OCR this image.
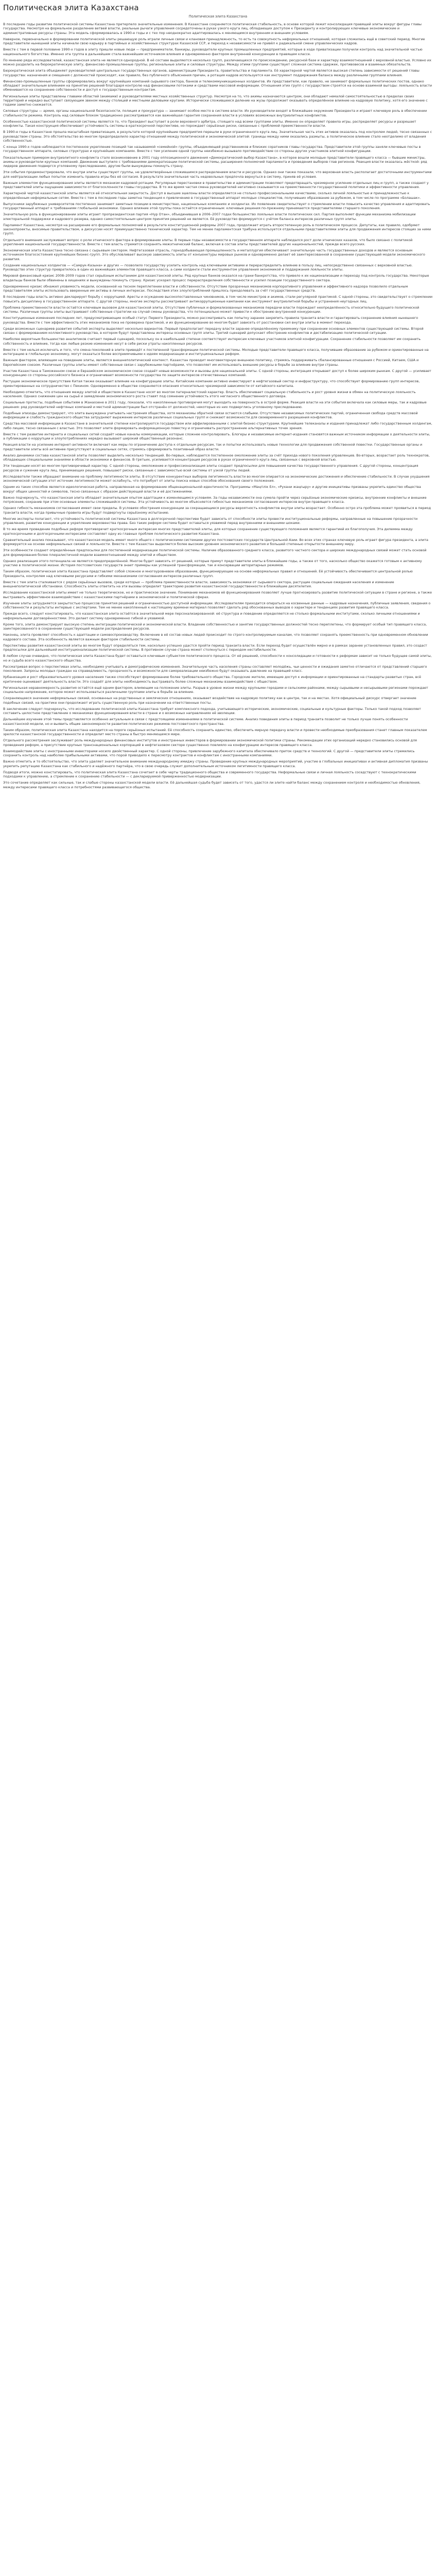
Политическая элита Казахстана
Политическая элита Казахстана

В последние годы развитие политической системы Казахстана претерпело значительные изменения. В Казахстане сохраняется политическая стабильность, в основе которой лежит консолидация правящей элиты вокруг фигуры главы государства. Несмотря на формальное разделение ветвей власти, реальные рычаги управления сосредоточены в руках узкого круга лиц, обладающих доступом к Президенту и контролирующих ключевые экономические и административные ресурсы страны. Эта модель сформировалась в 1990-е годы и с тех пор неоднократно адаптировалась к меняющимся внутренним и внешним условиям.

Наверное, первоначально в формировании политической элиты решающую роль играли личные связи и клановая принадлежность, то есть та совокупность неформальных отношений, которая сложилась ещё в советский период. Многие представители нынешней элиты начинали свою карьеру в партийных и хозяйственных структурах Казахской ССР, и переход к независимости не привёл к радикальной смене управленческих кадров.

Вместе с тем в первой половине 1990-х годов в элиту пришли новые люди — предприниматели, банкиры, руководители крупных промышленных предприятий, которые в ходе приватизации получили контроль над значительной частью национального богатства. Именно эта группа в дальнейшем стала важнейшим источником влияния и одновременно фактором внутренней конкуренции в правящем классе.

По мнению ряда исследователей, казахстанская элита не является однородной. В её составе выделяются несколько групп, различающихся по происхождению, ресурсной базе и характеру взаимоотношений с верховной властью. Условно их можно разделить на бюрократическую элиту, финансово-промышленные группы, региональные элиты и силовые структуры. Между этими группами существует сложная система сдержек, противовесов и взаимных обязательств.

Бюрократическая элита объединяет руководителей центральных государственных органов, администрации Президента, правительства и парламента. Её характерной чертой является высокая степень зависимости от решений главы государства: назначения и смещения с должностей происходят, как правило, без публичного объяснения причин, а ротация кадров используется как инструмент поддержания баланса между различными группами влияния.

Финансово-промышленные группы сформировались вокруг крупнейших компаний сырьевого сектора, банков и телекоммуникационных холдингов. Их представители, как правило, не занимают формальных политических постов, однако обладают значительным влиянием на принятие решений благодаря контролю над финансовыми потоками и средствами массовой информации. Отношения этих групп с государством строятся на основе взаимной выгоды: лояльность власти обменивается на сохранение собственности и доступ к государственным контрактам.

Региональные элиты представлены главами областей (акимами) и руководителями местных хозяйственных структур. Несмотря на то, что акимы назначаются центром, они обладают немалой самостоятельностью в пределах своих территорий и нередко выступают связующим звеном между столицей и местными деловыми кругами. Исторически сложившееся деление на жузы продолжает оказывать определённое влияние на кадровую политику, хотя его значение с годами заметно снижается.

Силовые структуры — армия, органы национальной безопасности, полиция и прокуратура — занимают особое место в системе власти. Их руководители входят в ближайшее окружение Президента и играют ключевую роль в обеспечении стабильности режима. Контроль над силовым блоком традиционно рассматривается как важнейшая гарантия сохранения власти в условиях возможных внутриэлитных конфликтов.

Особенностью казахстанской политической системы является то, что Президент выступает в роли верховного арбитра, стоящего над всеми группами элиты. Именно он определяет правила игры, распределяет ресурсы и разрешает конфликты. Такая конструкция обеспечивает устойчивость системы в краткосрочной перспективе, но порождает серьёзные риски, связанные с проблемой преемственности власти.

В 1990-е годы в Казахстане прошла масштабная приватизация, в результате которой крупнейшие предприятия перешли в руки ограниченного круга лиц. Значительная часть этих активов оказалась под контролем людей, тесно связанных с руководством страны. Это обстоятельство во многом предопределило характер отношений между политической и экономической элитой: границы между ними оказались размыты, а политическое влияние стало неотделимо от владения собственностью.

С конца 1990-х годов наблюдается постепенное укрепление позиций так называемой «семейной» группы, объединяющей родственников и близких соратников главы государства. Представители этой группы заняли ключевые посты в государственном аппарате, силовых структурах и крупнейших компаниях. Вместе с тем усиление одной группы неизбежно вызывало противодействие со стороны других участников элитной конфигурации.

Показательным примером внутриэлитного конфликта стало возникновение в 2001 году оппозиционного движения «Демократический выбор Казахстана», в которое вошли молодые представители правящего класса — бывшие министры, акимы и руководители крупных компаний. Движение выступило с требованиями демократизации политической системы, расширения полномочий парламента и проведения выборов глав регионов. Реакция власти оказалась жёсткой: ряд лидеров движения подвергся уголовному преследованию, другие были вынуждены покинуть страну.

Эти события продемонстрировали, что внутри элиты существуют группы, не удовлетворённые сложившимся распределением власти и ресурсов. Однако они также показали, что верховная власть располагает достаточными инструментами для нейтрализации любых попыток изменить правила игры без её согласия. В результате значительная часть недовольных предпочла вернуться в систему, приняв её условия.

Важным элементом функционирования элиты является механизм кадровой ротации. Регулярные перестановки в правительстве и администрации позволяют предотвращать чрезмерное усиление отдельных лиц и групп, а также создают у представителей элиты ощущение зависимости от благосклонности главы государства. В то же время частая смена руководителей негативно сказывается на преемственности государственной политики и эффективности управления.

Характерной чертой казахстанской элиты является её относительная закрытость. Доступ в высшие эшелоны власти определяется не столько профессиональными качествами, сколько личной лояльностью и принадлежностью к определённым неформальным сетям. Вместе с тем в последние годы заметна тенденция к привлечению в государственный аппарат молодых специалистов, получивших образование за рубежом, в том числе по программе «Болашак».

Выпускники зарубежных университетов постепенно занимают заметные позиции в министерствах, национальных компаниях и холдингах. Их появление свидетельствует о стремлении власти повысить качество управления и адаптировать государственный аппарат к требованиям глобальной экономики. Однако влияние этой группы пока остаётся ограниченным: ключевые решения по-прежнему принимаются представителями старшего поколения.

Значительную роль в функционировании элиты играет пропрезидентская партия «Нур Отан», объединившая в 2006–2007 годах большинство лояльных власти политических сил. Партия выполняет функции механизма мобилизации электоральной поддержки и кадрового резерва, однако самостоятельным центром принятия решений не является. Её руководство формируется с учётом баланса интересов различных групп элиты.

Парламент Казахстана, несмотря на расширение его формальных полномочий в результате конституционной реформы 2007 года, продолжает играть второстепенную роль в политическом процессе. Депутаты, как правило, одобряют законопроекты, вносимые правительством, а дискуссии носят преимущественно технический характер. Тем не менее парламентская трибуна используется отдельными представителями элиты для продвижения интересов стоящих за ними групп.

Отдельного внимания заслуживает вопрос о роли этнического фактора в формировании элиты. В первые годы независимости в государственном аппарате наблюдался рост доли этнических казахов, что было связано с политикой укрепления национальной государственности. Вместе с тем власть стремится сохранять межэтнический баланс, включая в состав элиты представителей других национальностей, прежде всего русских.

Экономическая элита Казахстана тесно связана с сырьевым сектором. Нефтегазовая отрасль, горнодобывающая промышленность и металлургия обеспечивают значительную часть государственных доходов и являются основным источником благосостояния крупнейших бизнес-групп. Это обусловливает высокую зависимость элиты от конъюнктуры мировых рынков и одновременно делает её заинтересованной в сохранении существующей модели экономического развития.

Создание национальных холдингов — «Самрук-Казына» и других — позволило государству усилить контроль над ключевыми активами и перераспределить влияние в пользу лиц, непосредственно связанных с верховной властью. Руководство этих структур превратилось в один из важнейших элементов правящего класса, а сами холдинги стали инструментом управления экономикой и поддержания лояльности элиты.

Мировой финансовый кризис 2008–2009 годов стал серьёзным испытанием для казахстанской элиты. Ряд крупных банков оказался на грани банкротства, что привело к их национализации и переходу под контроль государства. Некоторые владельцы банков были обвинены в хищениях и вынуждены покинуть страну. Кризис ускорил процесс перераспределения собственности и усилил позиции государственного сектора.

Одновременно кризис обнажил уязвимость модели, основанной на тесном переплетении власти и собственности. Отсутствие прозрачных механизмов корпоративного управления и эффективного надзора позволило отдельным представителям элиты использовать вверенные им активы в личных интересах. Последствия этих злоупотреблений пришлось преодолевать за счёт государственных средств.

В последние годы власть активно декларирует борьбу с коррупцией. Аресты и осуждение высокопоставленных чиновников, в том числе министров и акимов, стали регулярной практикой. С одной стороны, это свидетельствует о стремлении повысить дисциплину в государственном аппарате. С другой стороны, многие эксперты рассматривают антикоррупционные кампании как инструмент внутриэлитной борьбы и устранения неугодных лиц.

Проблема преемственности власти остаётся ключевым вызовом для казахстанской элиты. Отсутствие публичных и формализованных механизмов передачи власти порождает неопределённость относительно будущего политической системы. Различные группы элиты выстраивают собственные стратегии на случай смены руководства, что потенциально может привести к обострению внутренней конкуренции.

Конституционные изменения последних лет, предусматривающие особый статус Первого Президента, можно рассматривать как попытку заранее закрепить правила транзита власти и гарантировать сохранение влияния нынешнего руководства. Вместе с тем эффективность этих механизмов пока не проверена практикой, и их функционирование во многом будет зависеть от расстановки сил внутри элиты в момент перехода.

Среди возможных сценариев развития событий эксперты выделяют несколько вариантов. Первый предполагает передачу власти заранее определённому преемнику при сохранении основных элементов существующей системы. Второй связан с формированием коллективного руководства, в котором будут представлены интересы основных групп элиты. Третий сценарий допускает обострение конфликтов и дестабилизацию политической ситуации.

Наиболее вероятным большинство аналитиков считают первый сценарий, поскольку он в наибольшей степени соответствует интересам ключевых участников элитной конфигурации. Сохранение стабильности позволяет им сохранить собственность и влияние, тогда как любые резкие изменения несут в себе риски утраты накопленных ресурсов.

Вместе с тем нельзя исключать и того, что смена поколений в элите приведёт к постепенной трансформации политической системы. Молодые представители правящего класса, получившие образование за рубежом и ориентированные на интеграцию в глобальную экономику, могут оказаться более восприимчивыми к идеям модернизации и институциональных реформ.

Важным фактором, влияющим на поведение элиты, является внешнеполитический контекст. Казахстан проводит многовекторную внешнюю политику, стремясь поддерживать сбалансированные отношения с Россией, Китаем, США и Европейским союзом. Различные группы элиты имеют собственные связи с зарубежными партнёрами, что позволяет им использовать внешние ресурсы в борьбе за влияние внутри страны.

Участие Казахстана в Таможенном союзе и Евразийском экономическом союзе создаёт новые возможности и вызовы для национальной элиты. С одной стороны, интеграция открывает доступ к более широким рынкам. С другой — усиливает конкуренцию со стороны российского бизнеса и ограничивает возможности государства по защите интересов отечественных компаний.

Растущее экономическое присутствие Китая также оказывает влияние на конфигурацию элиты. Китайские компании активно инвестируют в нефтегазовый сектор и инфраструктуру, что способствует формированию групп интересов, ориентированных на сотрудничество с Пекином. Одновременно в обществе сохраняются опасения относительно чрезмерной зависимости от китайского капитала.

Необходимо отметить, что отношения между элитой и обществом в Казахстане носят во многом патерналистский характер. Власть обеспечивает социальную стабильность и рост уровня жизни в обмен на политическую лояльность населения. Однако снижение цен на сырьё и замедление экономического роста ставят под сомнение устойчивость этого негласного общественного договора.

Социальные протесты, подобные событиям в Жанаозене в 2011 году, показали, что накопленные противоречия могут выходить на поверхность в острой форме. Реакция власти на эти события включала как силовые меры, так и кадровые решения: ряд руководителей нефтяных компаний и местной администрации был отстранён от должностей, некоторые из них подверглись уголовному преследованию.

Подобные эпизоды демонстрируют, что элита вынуждена учитывать настроения общества, хотя механизмы обратной связи остаются слабыми. Отсутствие независимых политических партий, ограниченная свобода средств массовой информации и слабость гражданского общества затрудняют выражение интересов различных социальных групп и снижают возможности для своевременного разрешения конфликтов.

Средства массовой информации в Казахстане в значительной степени контролируются государством или аффилированными с элитой бизнес-структурами. Крупнейшие телеканалы и издания принадлежат либо государственным холдингам, либо лицам, тесно связанным с властью. Это позволяет элите формировать информационную повестку и ограничивать распространение альтернативных точек зрения.

Вместе с тем развитие интернета и социальных сетей создаёт новые каналы коммуникации, которые сложнее контролировать. Блогеры и независимые интернет-издания становятся важным источником информации о деятельности элиты, а публикации о коррупции и злоупотреблениях нередко вызывают широкий общественный резонанс.

Реакция власти на усиление интернет-активности включает как меры по ограничению доступа к отдельным ресурсам, так и попытки использовать новые технологии для продвижения собственной повестки. Государственные органы и представители элиты всё активнее присутствуют в социальных сетях, стремясь сформировать позитивный образ власти.

Анализ динамики состава казахстанской элиты позволяет выделить несколько тенденций. Во-первых, наблюдается постепенное омоложение элиты за счёт прихода нового поколения управленцев. Во-вторых, возрастает роль технократов, обладающих специальными знаниями в области экономики и финансов. В-третьих, усиливается концентрация ресурсов в руках ограниченного круга лиц, связанных с верховной властью.

Эти тенденции носят во многом противоречивый характер. С одной стороны, омоложение и профессионализация элиты создают предпосылки для повышения качества государственного управления. С другой стороны, концентрация ресурсов и сужение круга лиц, принимающих решения, повышают риски, связанные с зависимостью всей системы от узкой группы людей.

Исследователи также обращают внимание на проблему легитимности элиты. В отсутствие конкурентных выборов легитимность власти во многом опирается на экономические достижения и обеспечение стабильности. В случае ухудшения экономической ситуации этот источник легитимности может ослабнуть, что потребует от элиты поиска новых способов обоснования своего положения.

Одним из таких способов является идеологическая работа, направленная на формирование общенациональной идентичности. Программы «Мәңгілік Ел», «Рухани жаңғыру» и другие инициативы призваны укрепить единство общества вокруг общих ценностей и символов, тесно связанных с образом действующей власти и её достижениями.

Важно подчеркнуть, что казахстанская элита обладает значительным опытом адаптации к изменяющимся условиям. За годы независимости она сумела пройти через серьёзные экономические кризисы, внутренние конфликты и внешние потрясения, сохранив при этом основные элементы сложившейся системы. Эта устойчивость во многом объясняется гибкостью механизмов согласования интересов внутри правящего класса.

Однако гибкость механизмов согласования имеет свои пределы. В условиях обострения конкуренции за сокращающиеся ресурсы вероятность конфликтов внутри элиты возрастает. Особенно остро эта проблема может проявиться в период транзита власти, когда привычные правила игры будут подвергнуты серьёзному испытанию.

Многие эксперты полагают, что устойчивость политической системы Казахстана в долгосрочной перспективе будет зависеть от способности элиты провести институциональные реформы, направленные на повышение прозрачности управления, развитие конкуренции и укрепление верховенства права. Без таких реформ система будет оставаться уязвимой перед внутренними и внешними шоками.

В то же время проведение подобных реформ противоречит краткосрочным интересам многих представителей элиты, для которых сохранение существующего положения является гарантией их благополучия. Эта дилемма между краткосрочными и долгосрочными интересами составляет одну из главных проблем политического развития Казахстана.

Сравнительный анализ показывает, что казахстанская модель имеет много общего с политическими системами других постсоветских государств Центральной Азии. Во всех этих странах ключевую роль играет фигура президента, а элита формируется на основе неформальных связей и лояльности. Вместе с тем Казахстан выделяется более высоким уровнем экономического развития и большей степенью открытости внешнему миру.

Эти особенности создают определённые предпосылки для постепенной модернизации политической системы. Наличие образованного среднего класса, развитого частного сектора и широких международных связей может стать основой для формирования более плюралистичной модели взаимоотношений между элитой и обществом.

Однако реализация этого потенциала не является предопределённой. Многое будет зависеть от решений, которые примут представители элиты в ближайшие годы, а также от того, насколько общество окажется готовым к активному участию в политической жизни. История постсоветских государств знает примеры как успешной трансформации, так и консервации авторитарных режимов.

Таким образом, политическая элита Казахстана представляет собой сложное и многоуровневое образование, функционирующее на основе неформальных правил и отношений. Её устойчивость обеспечивается центральной ролью Президента, контролем над ключевыми ресурсами и гибкими механизмами согласования интересов различных групп.

Вместе с тем элита сталкивается с рядом серьёзных вызовов, среди которых — проблема преемственности власти, зависимость экономики от сырьевого сектора, растущие социальные ожидания населения и изменение внешнеполитической обстановки. Способность элиты ответить на эти вызовы определит траекторию развития казахстанской государственности в ближайшие десятилетия.

Исследование казахстанской элиты имеет не только теоретическое, но и практическое значение. Понимание механизмов её функционирования позволяет лучше прогнозировать развитие политической ситуации в стране и регионе, а также выстраивать эффективное взаимодействие с казахстанскими партнёрами в экономической и политической сферах.

Изучение элиты затрудняется закрытостью процессов принятия решений и ограниченностью доступной информации. Исследователям приходится опираться на косвенные данные — кадровые назначения, публичные заявления, сведения о собственности и результаты интервью с экспертами. Тем не менее накопленный к настоящему времени материал позволяет сделать ряд обоснованных выводов о характере и тенденциях развития правящего класса.

Прежде всего, следует констатировать, что казахстанская элита остаётся в значительной мере персонализированной: её структура и поведение определяются не столько формальными институтами, сколько личными отношениями и неформальными договорённостями. Это делает систему одновременно гибкой и уязвимой.

Кроме того, элита демонстрирует высокую степень интеграции политической и экономической власти. Владение собственностью и занятие государственных должностей тесно переплетены, что формирует особый тип правящего класса, заинтересованного в сохранении существующей модели распределения ресурсов.

Наконец, элита проявляет способность к адаптации и самовоспроизводству. Включение в её состав новых людей происходит по строго контролируемым каналам, что позволяет сохранять преемственность при одновременном обновлении кадрового состава. Эта особенность является важным фактором стабильности системы.

Перспективы развития казахстанской элиты во многом будут определяться тем, насколько успешно удастся пройти период транзита власти. Если переход будет осуществлён мирно и в рамках заранее установленных правил, это создаст предпосылки для дальнейшей институционализации политической системы. В противном случае страна может столкнуться с периодом нестабильности.

В любом случае очевидно, что политическая элита Казахстана будет оставаться ключевым субъектом политического процесса. От её решений, способности к консолидации и готовности к реформам зависит не только будущее самой элиты, но и судьба всего казахстанского общества.

Рассматривая вопрос о перспективах элиты, необходимо учитывать и демографические изменения. Значительную часть населения страны составляет молодёжь, чьи ценности и ожидания заметно отличаются от представлений старшего поколения. Запросы молодых граждан на справедливость, прозрачность и возможности для самореализации неизбежно будут оказывать давление на правящий класс.

Урбанизация и рост образовательного уровня населения также способствуют формированию более требовательного общества. Городские жители, имеющие доступ к информации и ориентированные на стандарты развитых стран, всё критичнее оценивают деятельность власти. Это создаёт для элиты необходимость выстраивать более сложные механизмы взаимодействия с обществом.

Региональная неравномерность развития остаётся ещё одним фактором, влияющим на положение элиты. Разрыв в уровне жизни между крупными городами и сельскими районами, между сырьевыми и несырьевыми регионами порождает социальное напряжение, которое может использоваться различными группами элиты в борьбе за влияние.

Сохраняющееся значение неформальных связей, основанных на родственных и земляческих отношениях, оказывает воздействие на кадровую политику как в центре, так и на местах. Хотя официальный дискурс отвергает значение подобных связей, на практике они продолжают играть существенную роль при назначении на ответственные посты.

В заключение следует подчеркнуть, что исследование политической элиты Казахстана требует комплексного подхода, учитывающего исторические, экономические, социальные и культурные факторы. Только такой подход позволяет составить целостное представление о механизмах функционирования власти в стране и о возможных направлениях её эволюции.

Дальнейшее изучение этой темы представляется особенно актуальным в связи с предстоящими изменениями в политической системе. Анализ поведения элиты в период транзита позволит не только лучше понять особенности казахстанской модели, но и выявить общие закономерности развития политических режимов постсоветского пространства.

Таким образом, политическая элита Казахстана находится на пороге серьёзных испытаний. Её способность сохранить единство, обеспечить мирную передачу власти и провести необходимые преобразования станет главным показателем зрелости казахстанской государственности и определит место страны в быстро меняющемся мире.

Отдельного рассмотрения заслуживает роль международных финансовых институтов и иностранных инвесторов в формировании экономической политики страны. Рекомендации этих организаций нередко становились основой для проведения реформ, а присутствие крупных транснациональных корпораций в нефтегазовом секторе существенно повлияло на конфигурацию интересов правящего класса.

Взаимодействие элиты с иностранными инвесторами носило двойственный характер. С одной стороны, привлечение зарубежного капитала обеспечивало приток средств и технологий. С другой — представители элиты стремились сохранить контроль над наиболее прибыльными активами, что порой приводило к пересмотру контрактов и конфликтам с иностранными компаниями.

Важно отметить и то обстоятельство, что элита уделяет значительное внимание международному имиджу страны. Проведение крупных международных мероприятий, участие в глобальных инициативах и активная дипломатия призваны укрепить репутацию Казахстана как стабильного и надёжного партнёра, что в свою очередь служит дополнительным источником легитимности правящего класса.

Подводя итоги, можно констатировать, что политическая элита Казахстана сочетает в себе черты традиционного общества и современного государства. Неформальные связи и личная лояльность соседствуют с технократическими подходами к управлению, а стремление к сохранению стабильности — с декларируемой приверженностью модернизации.

Это сочетание определяет как сильные, так и слабые стороны казахстанской модели власти. Её дальнейшая судьба будет зависеть от того, удастся ли элите найти баланс между сохранением контроля и необходимостью обновления, между интересами правящего класса и потребностями развивающегося общества.
